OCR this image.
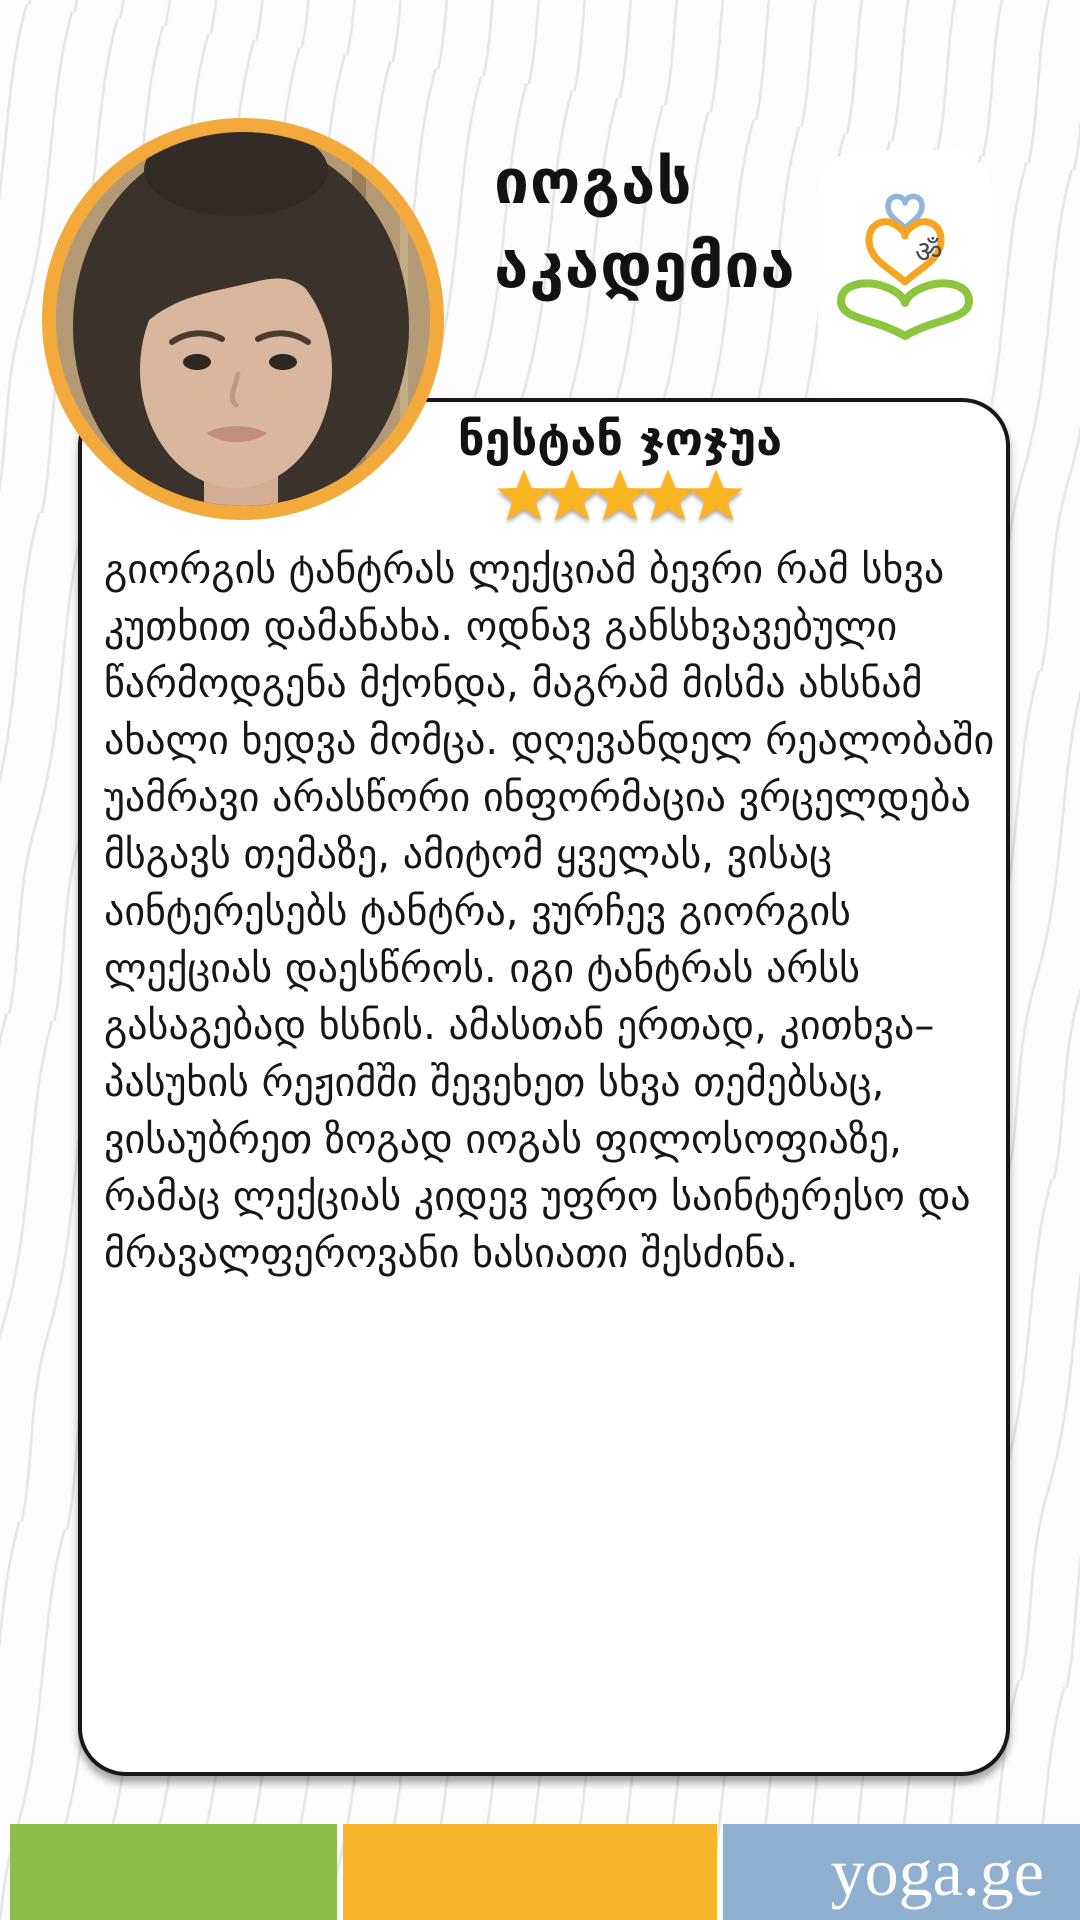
ॐ
იოგას
აკადემია
ნესტან ჯოჯუა
გიორგის ტანტრას ლექციამ ბევრი რამ სხვა კუთხით დამანახა. ოდნავ განსხვავებული წარმოდგენა მქონდა, მაგრამ მისმა ახსნამ ახალი ხედვა მომცა. დღევანდელ რეალობაში უამრავი არასწორი ინფორმაცია ვრცელდება მსგავს თემაზე, ამიტომ ყველას, ვისაც აინტერესებს ტანტრა, ვურჩევ გიორგის ლექციას დაესწროს. იგი ტანტრას არსს გასაგებად ხსნის. ამასთან ერთად, კითხვა–პასუხის რეჟიმში შევეხეთ სხვა თემებსაც, ვისაუბრეთ ზოგად იოგას ფილოსოფიაზე, რამაც ლექციას კიდევ უფრო საინტერესო და მრავალფეროვანი ხასიათი შესძინა.
yoga.ge
